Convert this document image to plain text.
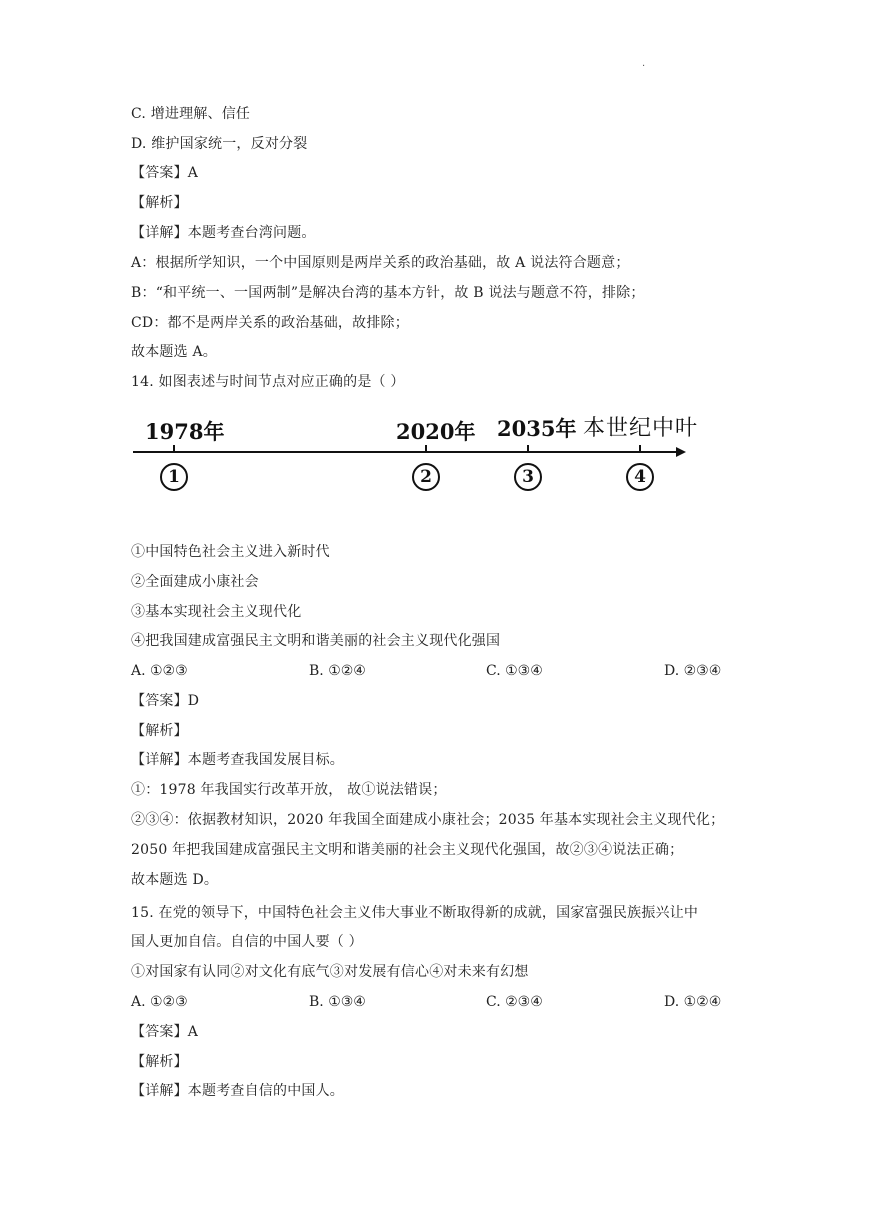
.
C. 增进理解、信任
D. 维护国家统一，反对分裂
【答案】A
【解析】
【详解】本题考查台湾问题。
A：根据所学知识，一个中国原则是两岸关系的政治基础，故 A 说法符合题意；
B：“和平统一、一国两制”是解决台湾的基本方针，故 B 说法与题意不符，排除；
CD：都不是两岸关系的政治基础，故排除；
故本题选 A。
14. 如图表述与时间节点对应正确的是（ ）
1978年	2020年 2035年 本世纪中叶
1	2	3	4
①中国特色社会主义进入新时代
②全面建成小康社会
③基本实现社会主义现代化
④把我国建成富强民主文明和谐美丽的社会主义现代化强国
A. ①②③	B. ①②④	C. ①③④	D. ②③④
【答案】D
【解析】
【详解】本题考查我国发展目标。
①：1978 年我国实行改革开放， 故①说法错误；
②③④：依据教材知识，2020 年我国全面建成小康社会；2035 年基本实现社会主义现代化；
2050 年把我国建成富强民主文明和谐美丽的社会主义现代化强国，故②③④说法正确；
故本题选 D。
15. 在党的领导下，中国特色社会主义伟大事业不断取得新的成就，国家富强民族振兴让中
国人更加自信。自信的中国人要（ ）
①对国家有认同②对文化有底气③对发展有信心④对未来有幻想
A. ①②③	B. ①③④	C. ②③④	D. ①②④
【答案】A
【解析】
【详解】本题考查自信的中国人。
